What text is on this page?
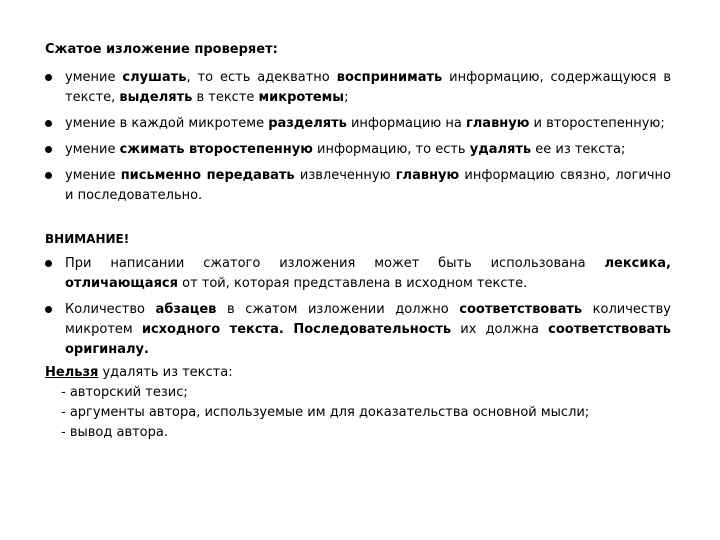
Сжатое изложение проверяет:
умение слушать, то есть адекватно воспринимать информацию, содержащуюся в тексте, выделять в тексте микротемы;
умение в каждой микротеме разделять информацию на главную и второстепенную;
умение сжимать второстепенную информацию, то есть удалять ее из текста;
умение письменно передавать извлеченную главную информацию связно, логично и последовательно.
ВНИМАНИЕ!
При написании сжатого изложения может быть использована лексика, отличающаяся от той, которая представлена в исходном тексте.
Количество абзацев в сжатом изложении должно соответствовать количеству микротем исходного текста. Последовательность их должна соответствовать оригиналу.
Нельзя удалять из текста:
- авторский тезис;
- аргументы автора, используемые им для доказательства основной мысли;
- вывод автора.
